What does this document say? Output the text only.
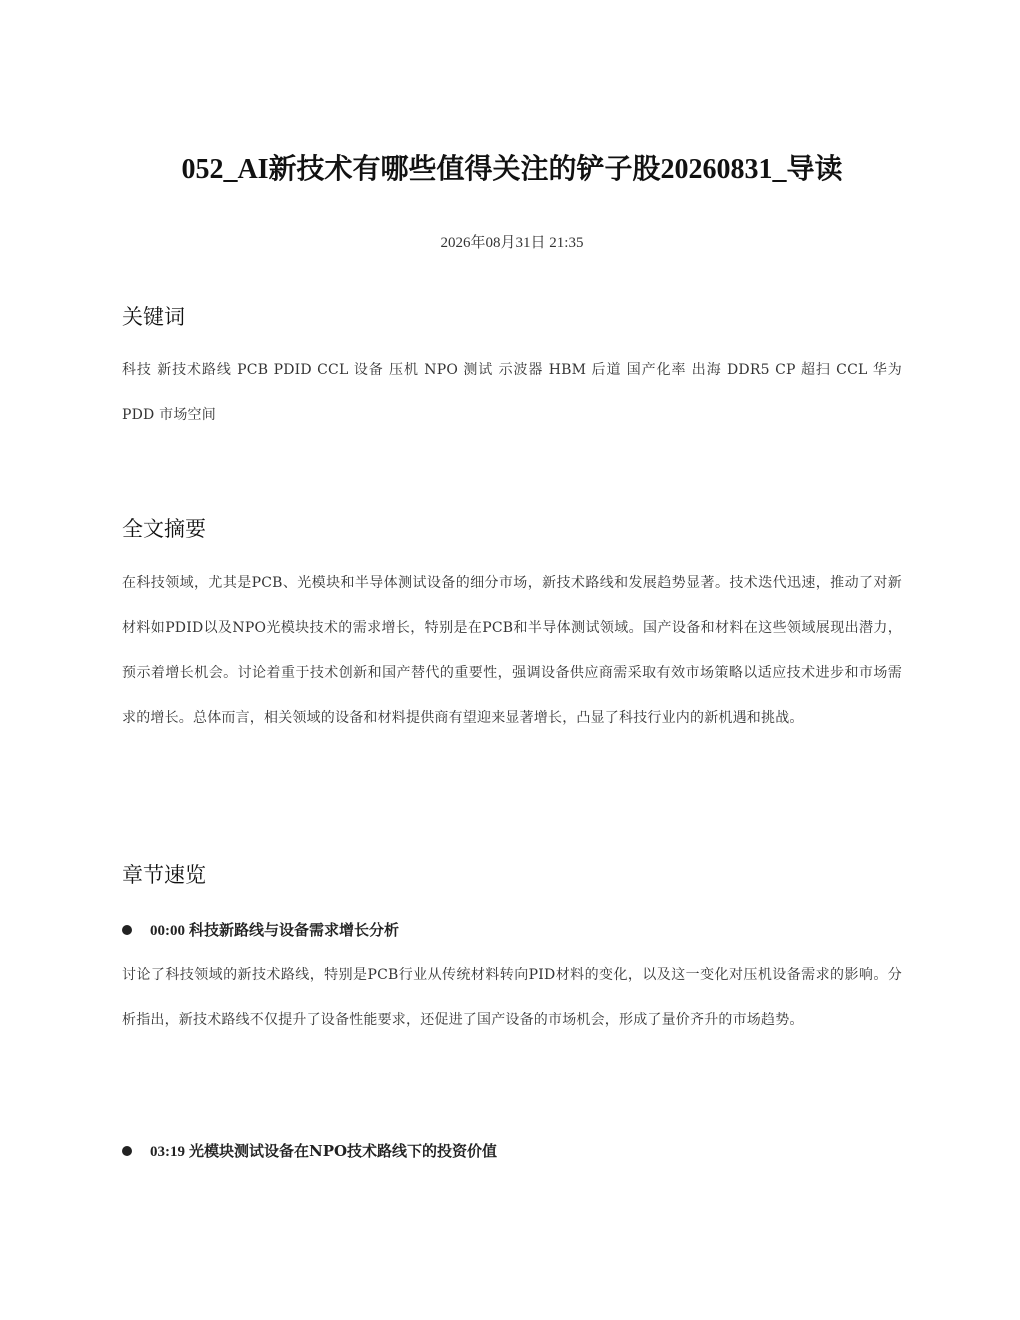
052_AI新技术有哪些值得关注的铲子股20260831_导读
2026年08月31日 21:35
关键词

科技 新技术路线 PCB PDID CCL 设备 压机 NPO 测试 示波器 HBM 后道 国产化率 出海 DDR5 CP 超扫 CCL 华为 PDD 市场空间

全文摘要

在科技领域，尤其是PCB、光模块和半导体测试设备的细分市场，新技术路线和发展趋势显著。技术迭代迅速，推动了对新材料如PDID以及NPO光模块技术的需求增长，特别是在PCB和半导体测试领域。国产设备和材料在这些领域展现出潜力，预示着增长机会。讨论着重于技术创新和国产替代的重要性，强调设备供应商需采取有效市场策略以适应技术进步和市场需求的增长。总体而言，相关领域的设备和材料提供商有望迎来显著增长，凸显了科技行业内的新机遇和挑战。

章节速览
00:00 科技新路线与设备需求增长分析

讨论了科技领域的新技术路线，特别是PCB行业从传统材料转向PID材料的变化，以及这一变化对压机设备需求的影响。分析指出，新技术路线不仅提升了设备性能要求，还促进了国产设备的市场机会，形成了量价齐升的市场趋势。

03:19 光模块测试设备在NPO技术路线下的投资价值
